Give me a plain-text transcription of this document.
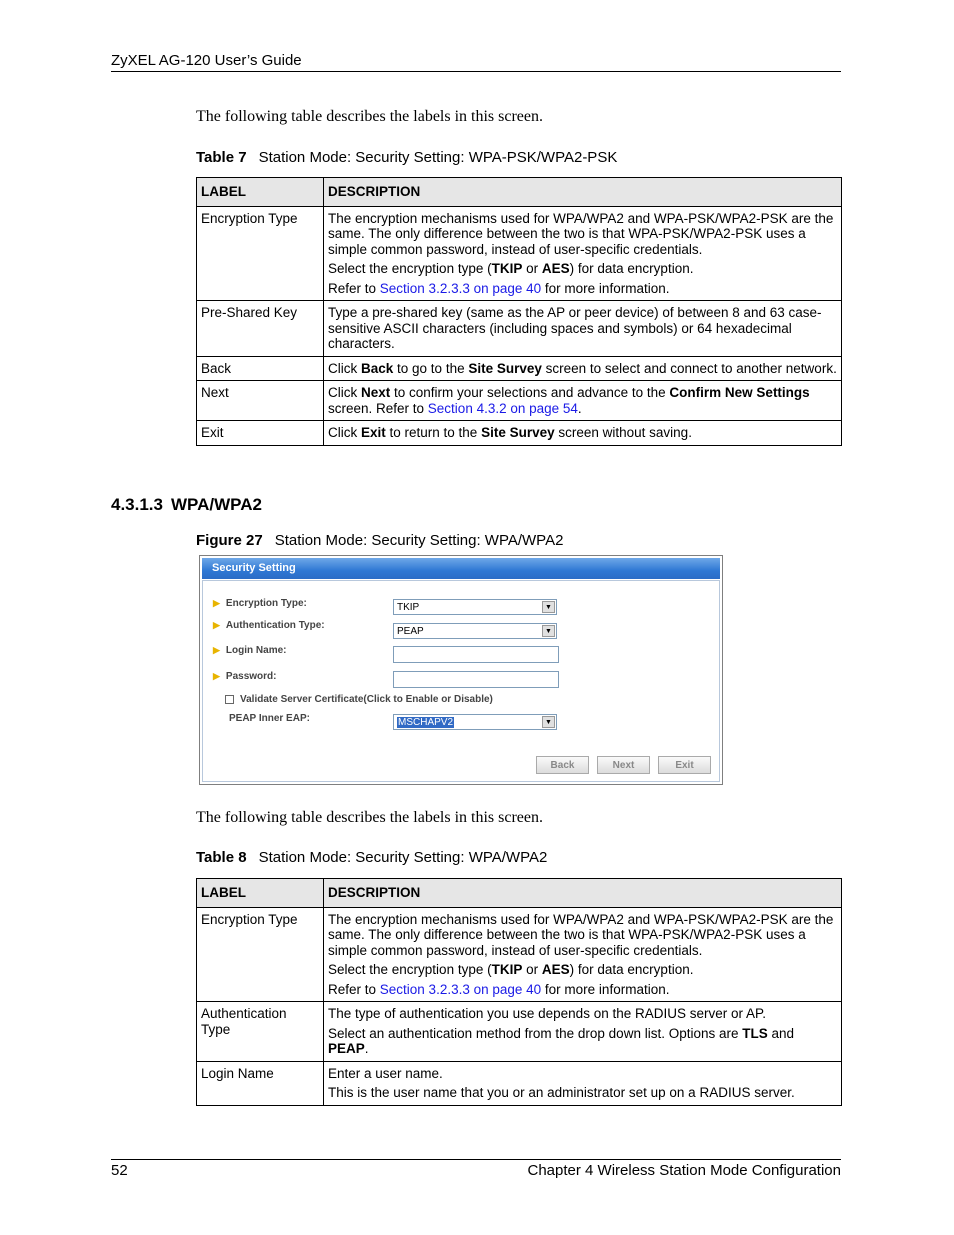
ZyXEL AG-120 User’s Guide
The following table describes the labels in this screen.
Table 7 Station Mode: Security Setting: WPA-PSK/WPA2-PSK
LABEL	DESCRIPTION
Encryption Type	The encryption mechanisms used for WPA/WPA2 and WPA-PSK/WPA2-PSK are the same. The only difference between the two is that WPA-PSK/WPA2-PSK uses a simple common password, instead of user-specific credentials.

Select the encryption type (TKIP or AES) for data encryption.

Refer to Section 3.2.3.3 on page 40 for more information.

Pre-Shared Key	Type a pre-shared key (same as the AP or peer device) of between 8 and 63 case-sensitive ASCII characters (including spaces and symbols) or 64 hexadecimal characters.

Back	Click Back to go to the Site Survey screen to select and connect to another network.

Next	Click Next to confirm your selections and advance to the Confirm New Settings screen. Refer to Section 4.3.2 on page 54.

Exit	Click Exit to return to the Site Survey screen without saving.

4.3.1.3 WPA/WPA2
Figure 27 Station Mode: Security Setting: WPA/WPA2
Security Setting
▶ Encryption Type:	TKIP	▼
▶ Authentication Type:
PEAP	▼
▶ Login Name:
▶ Password:
Validate Server Certificate(Click to Enable or Disable)
PEAP Inner EAP:	MSCHAPV2	▼
Back	Next	Exit
The following table describes the labels in this screen.
Table 8 Station Mode: Security Setting: WPA/WPA2
LABEL	DESCRIPTION
Encryption Type	The encryption mechanisms used for WPA/WPA2 and WPA-PSK/WPA2-PSK are the same. The only difference between the two is that WPA-PSK/WPA2-PSK uses a simple common password, instead of user-specific credentials.

Select the encryption type (TKIP or AES) for data encryption.

Refer to Section 3.2.3.3 on page 40 for more information.

Authentication Type	The type of authentication you use depends on the RADIUS server or AP.

Select an authentication method from the drop down list. Options are TLS and PEAP.

Login Name	Enter a user name.

This is the user name that you or an administrator set up on a RADIUS server.

52	Chapter 4 Wireless Station Mode Configuration
